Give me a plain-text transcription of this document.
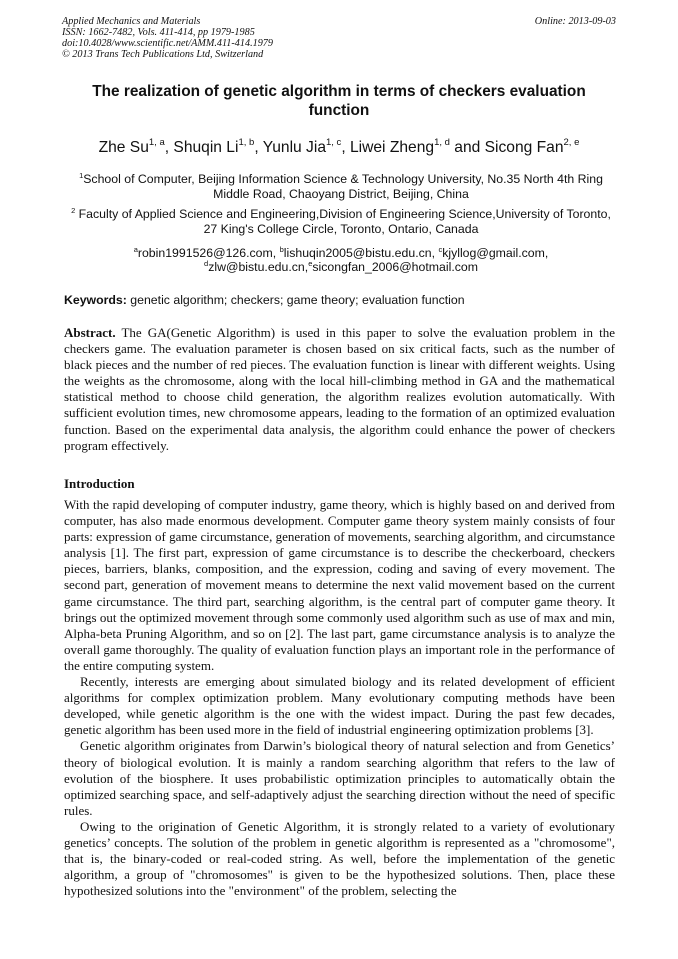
Applied Mechanics and Materials
ISSN: 1662-7482, Vols. 411-414, pp 1979-1985
doi:10.4028/www.scientific.net/AMM.411-414.1979
© 2013 Trans Tech Publications Ltd, Switzerland
Online: 2013-09-03
The realization of genetic algorithm in terms of checkers evaluation function
Zhe Su$^{1, a}$, Shuqin Li$^{1, b}$, Yunlu Jia$^{1, c}$, Liwei Zheng$^{1, d}$ and Sicong Fan$^{2, e}$
$^1$School of Computer, Beijing Information Science & Technology University, No.35 North 4th Ring Middle Road, Chaoyang District, Beijing, China
$^2$ Faculty of Applied Science and Engineering,Division of Engineering Science,University of Toronto, 27 King's College Circle, Toronto, Ontario, Canada
$^a$robin1991526@126.com, $^b$lishuqin2005@bistu.edu.cn, $^c$kjyllog@gmail.com,
$^d$zlw@bistu.edu.cn,$^e$sicongfan_2006@hotmail.com
Keywords: genetic algorithm; checkers; game theory; evaluation function
Abstract. The GA(Genetic Algorithm) is used in this paper to solve the evaluation problem in the checkers game. The evaluation parameter is chosen based on six critical facts, such as the number of black pieces and the number of red pieces. The evaluation function is linear with different weights. Using the weights as the chromosome, along with the local hill-climbing method in GA and the mathematical statistical method to choose child generation, the algorithm realizes evolution automatically. With sufficient evolution times, new chromosome appears, leading to the formation of an optimized evaluation function. Based on the experimental data analysis, the algorithm could enhance the power of checkers program effectively.
Introduction

With the rapid developing of computer industry, game theory, which is highly based on and derived from computer, has also made enormous development. Computer game theory system mainly consists of four parts: expression of game circumstance, generation of movements, searching algorithm, and circumstance analysis [1]. The first part, expression of game circumstance is to describe the checkerboard, checkers pieces, barriers, blanks, composition, and the expression, coding and saving of every movement. The second part, generation of movement means to determine the next valid movement based on the current game circumstance. The third part, searching algorithm, is the central part of computer game theory. It brings out the optimized movement through some commonly used algorithm such as use of max and min, Alpha-beta Pruning Algorithm, and so on [2]. The last part, game circumstance analysis is to analyze the overall game thoroughly. The quality of evaluation function plays an important role in the performance of the entire computing system.

Recently, interests are emerging about simulated biology and its related development of efficient algorithms for complex optimization problem. Many evolutionary computing methods have been developed, while genetic algorithm is the one with the widest impact. During the past few decades, genetic algorithm has been used more in the field of industrial engineering optimization problems [3].

Genetic algorithm originates from Darwin’s biological theory of natural selection and from Genetics’ theory of biological evolution. It is mainly a random searching algorithm that refers to the law of evolution of the biosphere. It uses probabilistic optimization principles to automatically obtain the optimized searching space, and self-adaptively adjust the searching direction without the need of specific rules.

Owing to the origination of Genetic Algorithm, it is strongly related to a variety of evolutionary genetics’ concepts. The solution of the problem in genetic algorithm is represented as a "chromosome", that is, the binary-coded or real-coded string. As well, before the implementation of the genetic algorithm, a group of "chromosomes" is given to be the hypothesized solutions. Then, place these hypothesized solutions into the "environment" of the problem, selecting the
